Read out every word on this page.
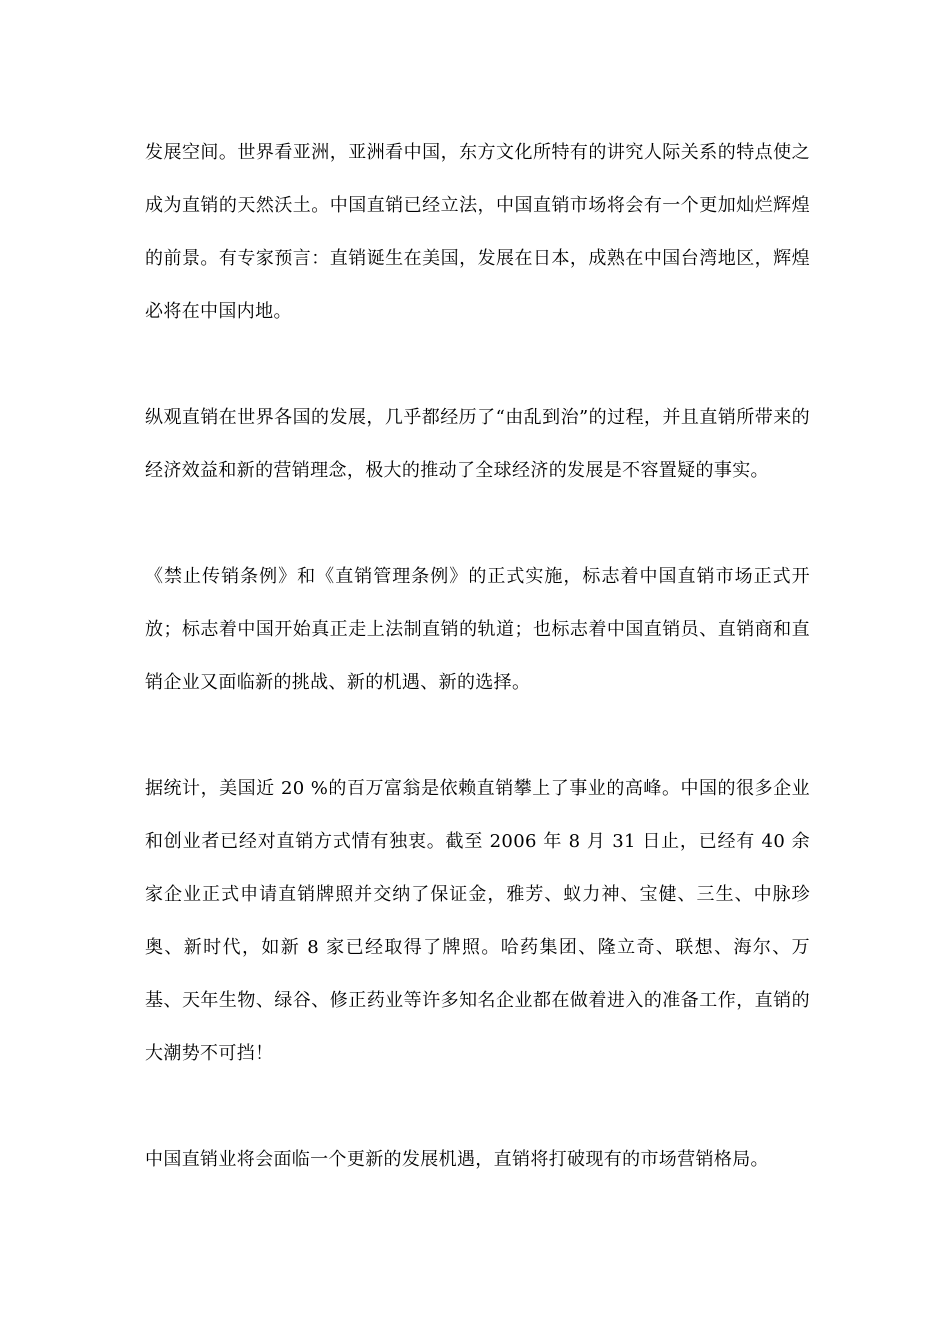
发展空间。世界看亚洲，亚洲看中国，东方文化所特有的讲究人际关系的特点使之成为直销的天然沃土。中国直销已经立法，中国直销市场将会有一个更加灿烂辉煌的前景。有专家预言：直销诞生在美国，发展在日本，成熟在中国台湾地区，辉煌必将在中国内地。

纵观直销在世界各国的发展，几乎都经历了“由乱到治”的过程，并且直销所带来的经济效益和新的营销理念，极大的推动了全球经济的发展是不容置疑的事实。

《禁止传销条例》和《直销管理条例》的正式实施，标志着中国直销市场正式开放；标志着中国开始真正走上法制直销的轨道；也标志着中国直销员、直销商和直销企业又面临新的挑战、新的机遇、新的选择。

据统计，美国近 20 %的百万富翁是依赖直销攀上了事业的高峰。中国的很多企业和创业者已经对直销方式情有独衷。截至 2006 年 8 月 31 日止，已经有 40 余家企业正式申请直销牌照并交纳了保证金，雅芳、蚁力神、宝健、三生、中脉珍奥、新时代，如新 8 家已经取得了牌照。哈药集团、隆立奇、联想、海尔、万基、天年生物、绿谷、修正药业等许多知名企业都在做着进入的准备工作，直销的大潮势不可挡！

中国直销业将会面临一个更新的发展机遇，直销将打破现有的市场营销格局。
